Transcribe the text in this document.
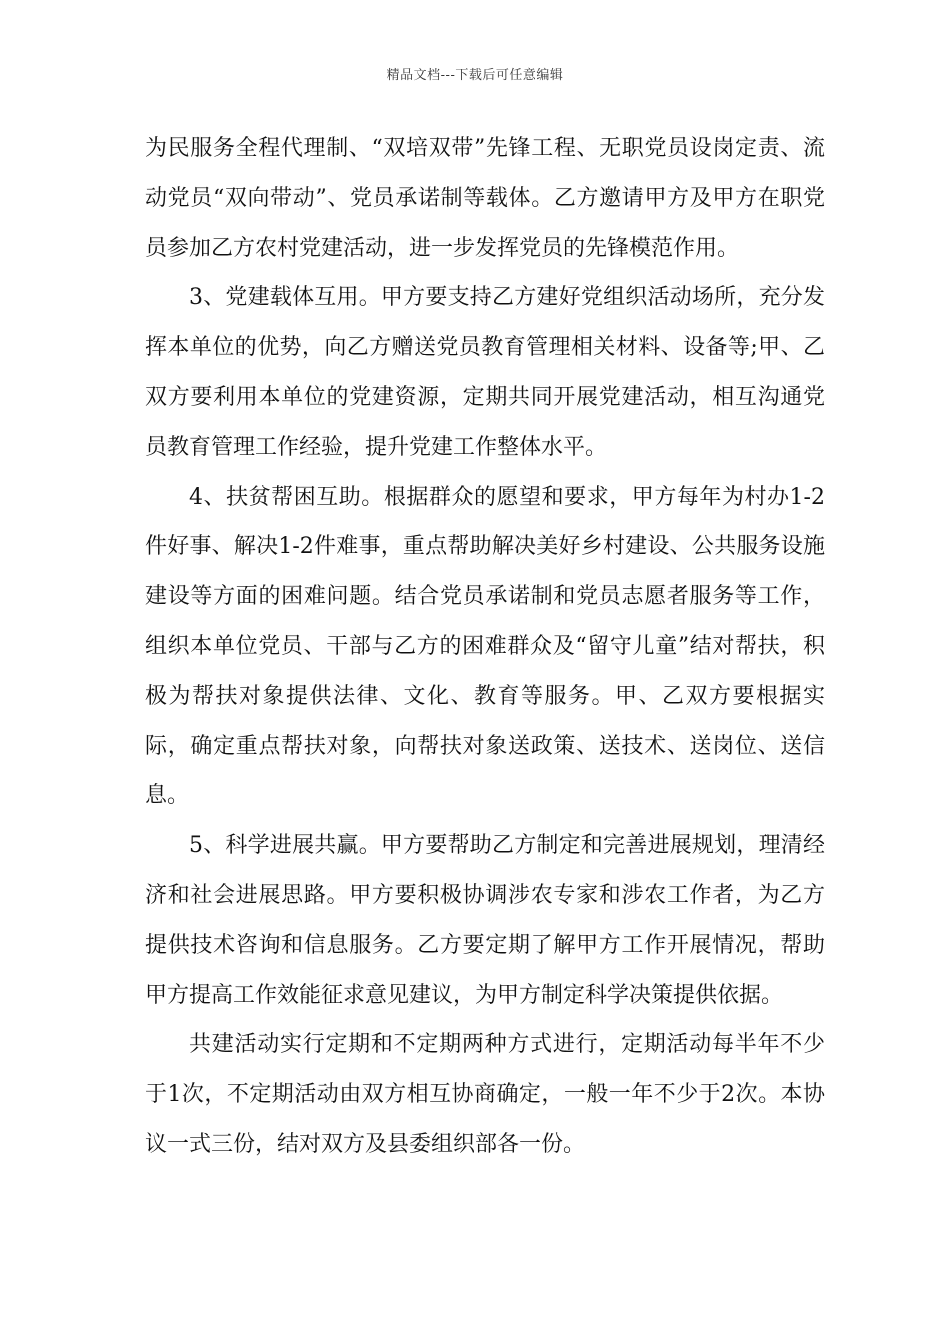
精品文档---下载后可任意编辑

为民服务全程代理制、“双培双带”先锋工程、无职党员设岗定责、流动党员“双向带动”、党员承诺制等载体。乙方邀请甲方及甲方在职党员参加乙方农村党建活动，进一步发挥党员的先锋模范作用。

3、党建载体互用。甲方要支持乙方建好党组织活动场所，充分发挥本单位的优势，向乙方赠送党员教育管理相关材料、设备等;甲、乙双方要利用本单位的党建资源，定期共同开展党建活动，相互沟通党员教育管理工作经验，提升党建工作整体水平。

4、扶贫帮困互助。根据群众的愿望和要求，甲方每年为村办1-2件好事、解决1-2件难事，重点帮助解决美好乡村建设、公共服务设施建设等方面的困难问题。结合党员承诺制和党员志愿者服务等工作，组织本单位党员、干部与乙方的困难群众及“留守儿童”结对帮扶，积极为帮扶对象提供法律、文化、教育等服务。甲、乙双方要根据实际，确定重点帮扶对象，向帮扶对象送政策、送技术、送岗位、送信息。

5、科学进展共赢。甲方要帮助乙方制定和完善进展规划，理清经济和社会进展思路。甲方要积极协调涉农专家和涉农工作者，为乙方提供技术咨询和信息服务。乙方要定期了解甲方工作开展情况，帮助甲方提高工作效能征求意见建议，为甲方制定科学决策提供依据。

共建活动实行定期和不定期两种方式进行，定期活动每半年不少于1次，不定期活动由双方相互协商确定，一般一年不少于2次。本协议一式三份，结对双方及县委组织部各一份。
